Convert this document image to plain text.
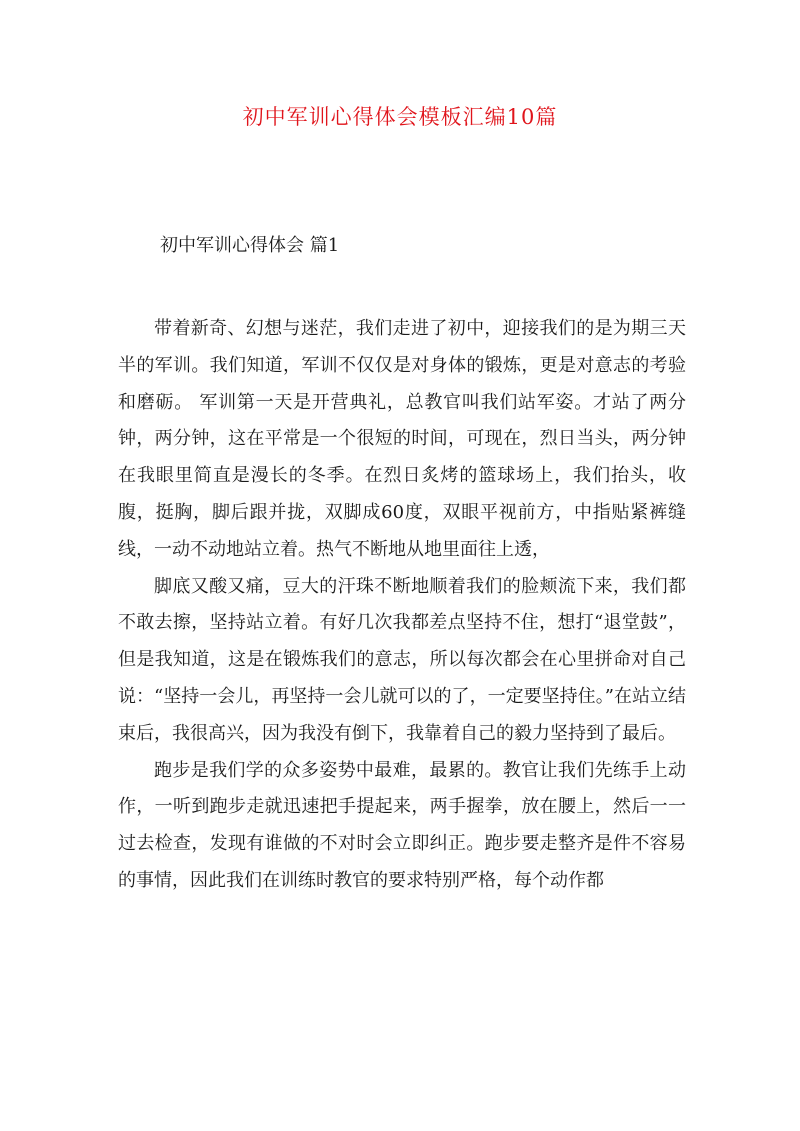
初中军训心得体会模板汇编10篇
初中军训心得体会 篇1

带着新奇、幻想与迷茫，我们走进了初中，迎接我们的是为期三天半的军训。我们知道，军训不仅仅是对身体的锻炼，更是对意志的考验和磨砺。 军训第一天是开营典礼，总教官叫我们站军姿。才站了两分钟，两分钟，这在平常是一个很短的时间，可现在，烈日当头，两分钟在我眼里简直是漫长的冬季。在烈日炙烤的篮球场上，我们抬头，收腹，挺胸，脚后跟并拢，双脚成60度，双眼平视前方，中指贴紧裤缝线，一动不动地站立着。热气不断地从地里面往上透，

脚底又酸又痛，豆大的汗珠不断地顺着我们的脸颊流下来，我们都不敢去擦，坚持站立着。有好几次我都差点坚持不住，想打“退堂鼓”，但是我知道，这是在锻炼我们的意志，所以每次都会在心里拼命对自己说：“坚持一会儿，再坚持一会儿就可以的了，一定要坚持住。”在站立结束后，我很高兴，因为我没有倒下，我靠着自己的毅力坚持到了最后。

跑步是我们学的众多姿势中最难，最累的。教官让我们先练手上动作，一听到跑步走就迅速把手提起来，两手握拳，放在腰上，然后一一过去检查，发现有谁做的不对时会立即纠正。跑步要走整齐是件不容易的事情，因此我们在训练时教官的要求特别严格，每个动作都
